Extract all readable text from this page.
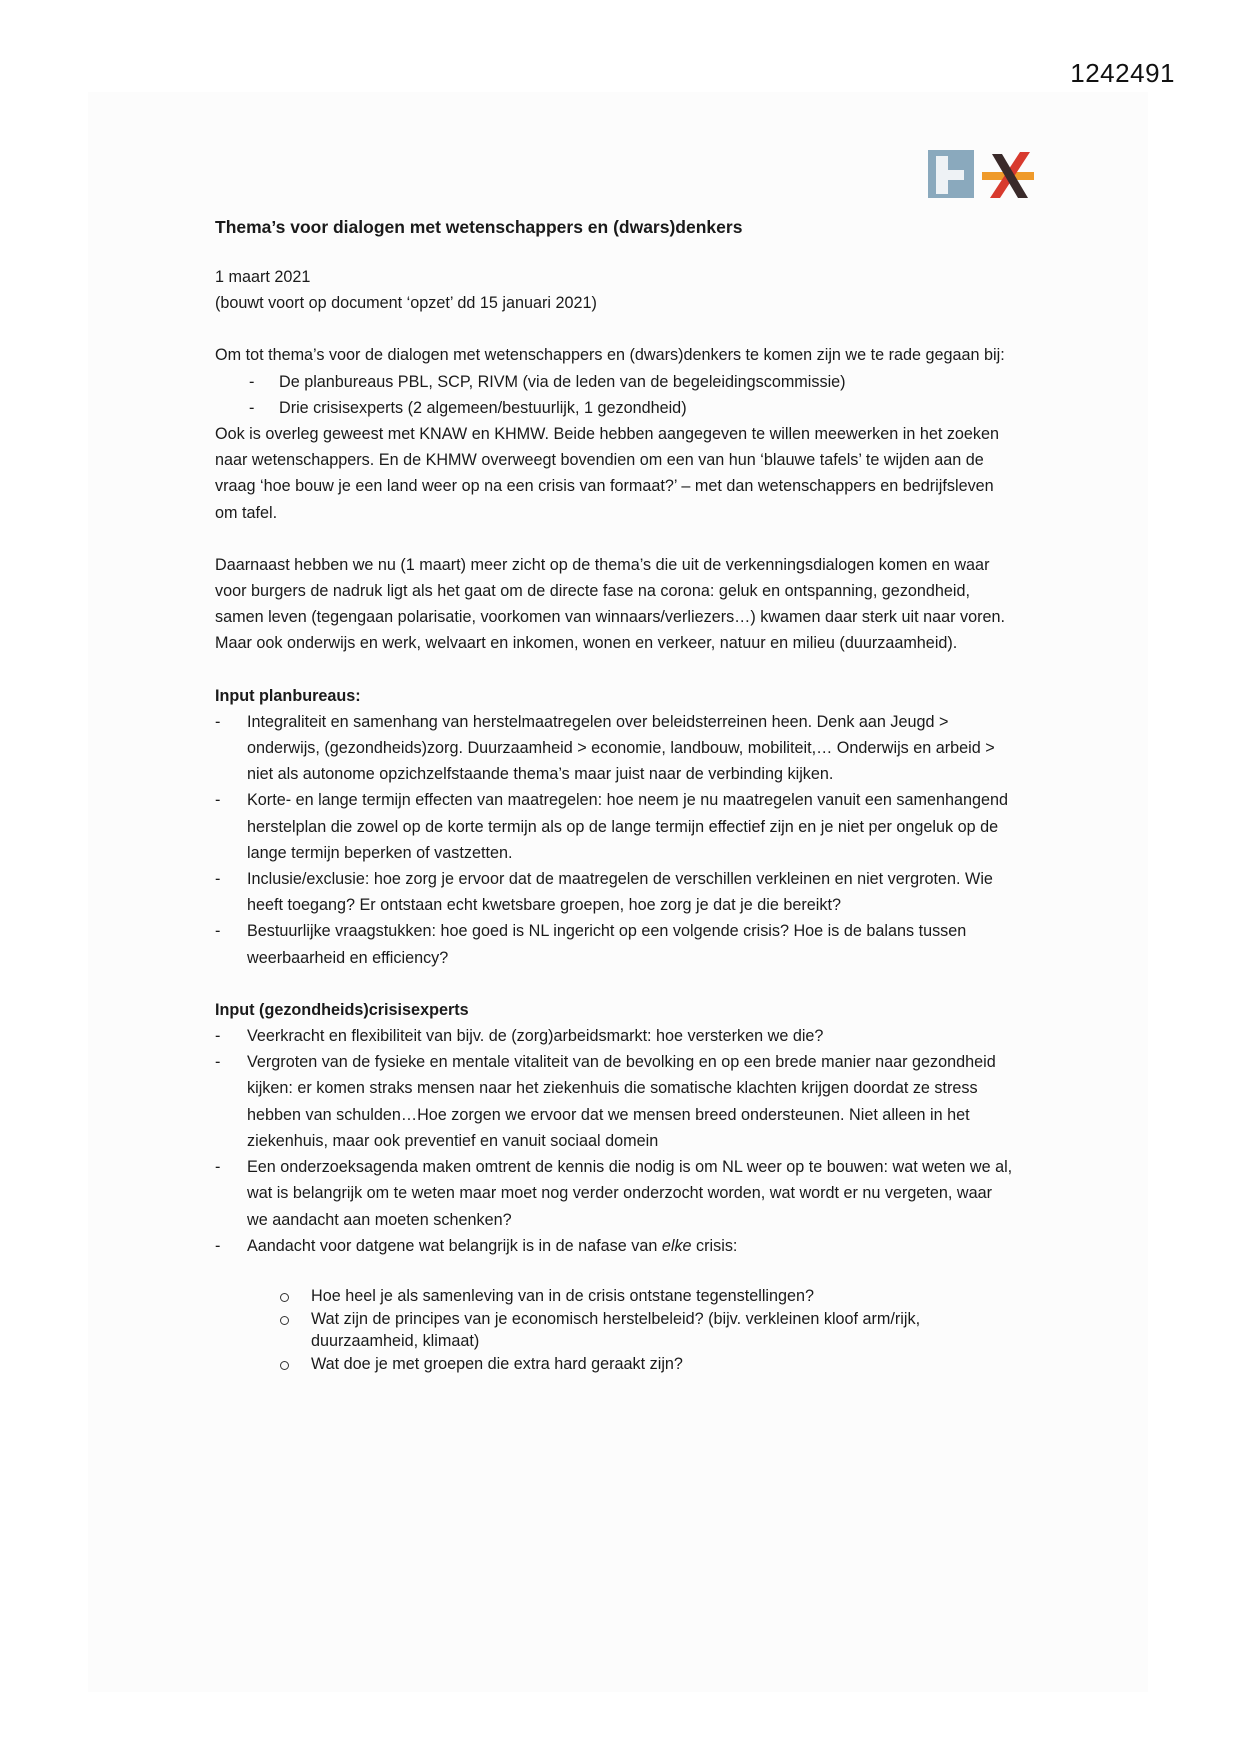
1242491
Thema’s voor dialogen met wetenschappers en (dwars)denkers

1 maart 2021

(bouwt voort op document ‘opzet’ dd 15 januari 2021)

Om tot thema’s voor de dialogen met wetenschappers en (dwars)denkers te komen zijn we te rade gegaan bij:

- De planbureaus PBL, SCP, RIVM (via de leden van de begeleidingscommissie)
- Drie crisisexperts (2 algemeen/bestuurlijk, 1 gezondheid)

Ook is overleg geweest met KNAW en KHMW. Beide hebben aangegeven te willen meewerken in het zoeken naar wetenschappers. En de KHMW overweegt bovendien om een van hun ‘blauwe tafels’ te wijden aan de vraag ‘hoe bouw je een land weer op na een crisis van formaat?’ – met dan wetenschappers en bedrijfsleven om tafel.

Daarnaast hebben we nu (1 maart) meer zicht op de thema’s die uit de verkenningsdialogen komen en waar voor burgers de nadruk ligt als het gaat om de directe fase na corona: geluk en ontspanning, gezondheid, samen leven (tegengaan polarisatie, voorkomen van winnaars/verliezers…) kwamen daar sterk uit naar voren. Maar ook onderwijs en werk, welvaart en inkomen, wonen en verkeer, natuur en milieu (duurzaamheid).

Input planbureaus:

- Integraliteit en samenhang van herstelmaatregelen over beleidsterreinen heen. Denk aan Jeugd > onderwijs, (gezondheids)zorg. Duurzaamheid > economie, landbouw, mobiliteit,… Onderwijs en arbeid > niet als autonome opzichzelfstaande thema’s maar juist naar de verbinding kijken.
- Korte- en lange termijn effecten van maatregelen: hoe neem je nu maatregelen vanuit een samenhangend herstelplan die zowel op de korte termijn als op de lange termijn effectief zijn en je niet per ongeluk op de lange termijn beperken of vastzetten.
- Inclusie/exclusie: hoe zorg je ervoor dat de maatregelen de verschillen verkleinen en niet vergroten. Wie heeft toegang? Er ontstaan echt kwetsbare groepen, hoe zorg je dat je die bereikt?
- Bestuurlijke vraagstukken: hoe goed is NL ingericht op een volgende crisis? Hoe is de balans tussen weerbaarheid en efficiency?

Input (gezondheids)crisisexperts

- Veerkracht en flexibiliteit van bijv. de (zorg)arbeidsmarkt: hoe versterken we die?
- Vergroten van de fysieke en mentale vitaliteit van de bevolking en op een brede manier naar gezondheid kijken: er komen straks mensen naar het ziekenhuis die somatische klachten krijgen doordat ze stress hebben van schulden…Hoe zorgen we ervoor dat we mensen breed ondersteunen. Niet alleen in het ziekenhuis, maar ook preventief en vanuit sociaal domein
- Een onderzoeksagenda maken omtrent de kennis die nodig is om NL weer op te bouwen: wat weten we al, wat is belangrijk om te weten maar moet nog verder onderzocht worden, wat wordt er nu vergeten, waar we aandacht aan moeten schenken?
- Aandacht voor datgene wat belangrijk is in de nafase van elke crisis:
Hoe heel je als samenleving van in de crisis ontstane tegenstellingen?
Wat zijn de principes van je economisch herstelbeleid? (bijv. verkleinen kloof arm/rijk, duurzaamheid, klimaat)
Wat doe je met groepen die extra hard geraakt zijn?
